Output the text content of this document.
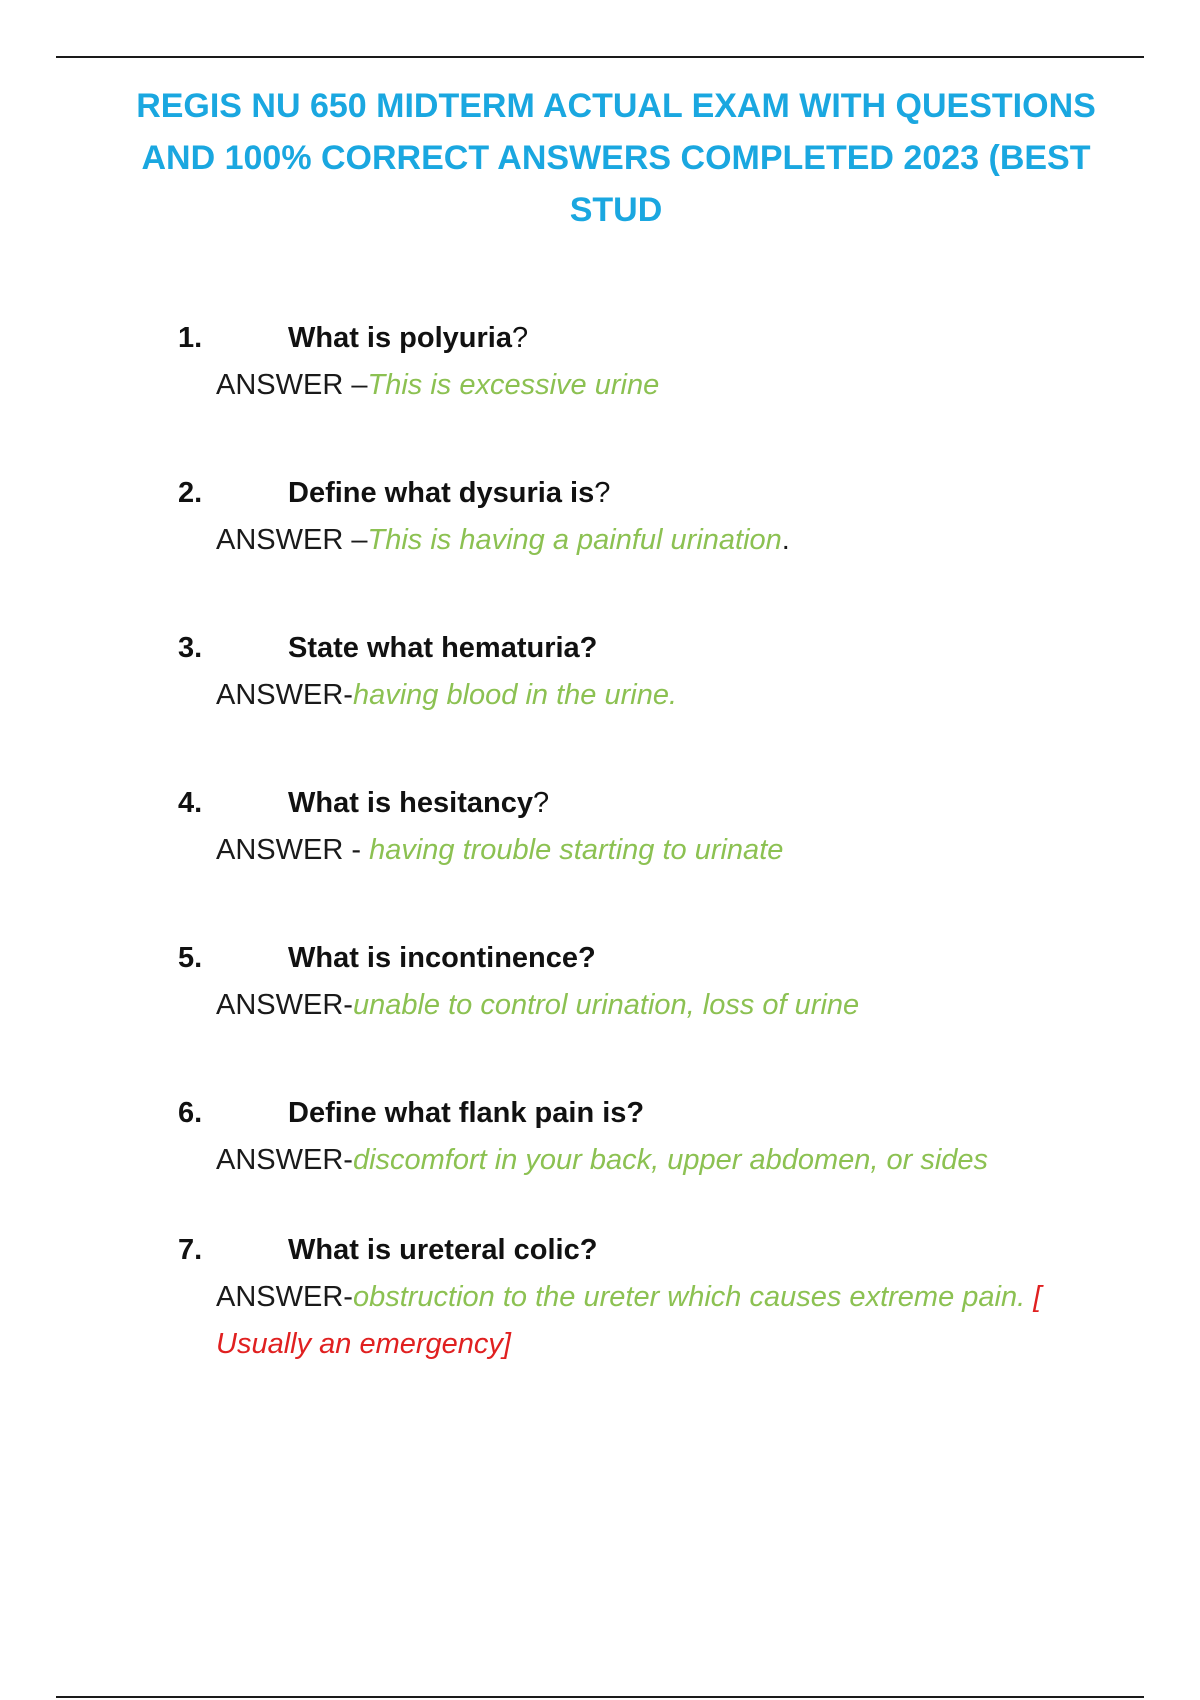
REGIS NU 650 MIDTERM ACTUAL EXAM WITH QUESTIONS AND 100% CORRECT ANSWERS COMPLETED 2023 (BEST STUD
1.	What is polyuria?
ANSWER –This is excessive urine
2.	Define what dysuria is?
ANSWER –This is having a painful urination.
3.	State what hematuria?
ANSWER-having blood in the urine.
4.	What is hesitancy?
ANSWER - having trouble starting to urinate
5.	What is incontinence?
ANSWER-unable to control urination, loss of urine
6.	Define what flank pain is?
ANSWER-discomfort in your back, upper abdomen, or sides
7.	What is ureteral colic?
ANSWER-obstruction to the ureter which causes extreme pain. [ Usually an emergency]
